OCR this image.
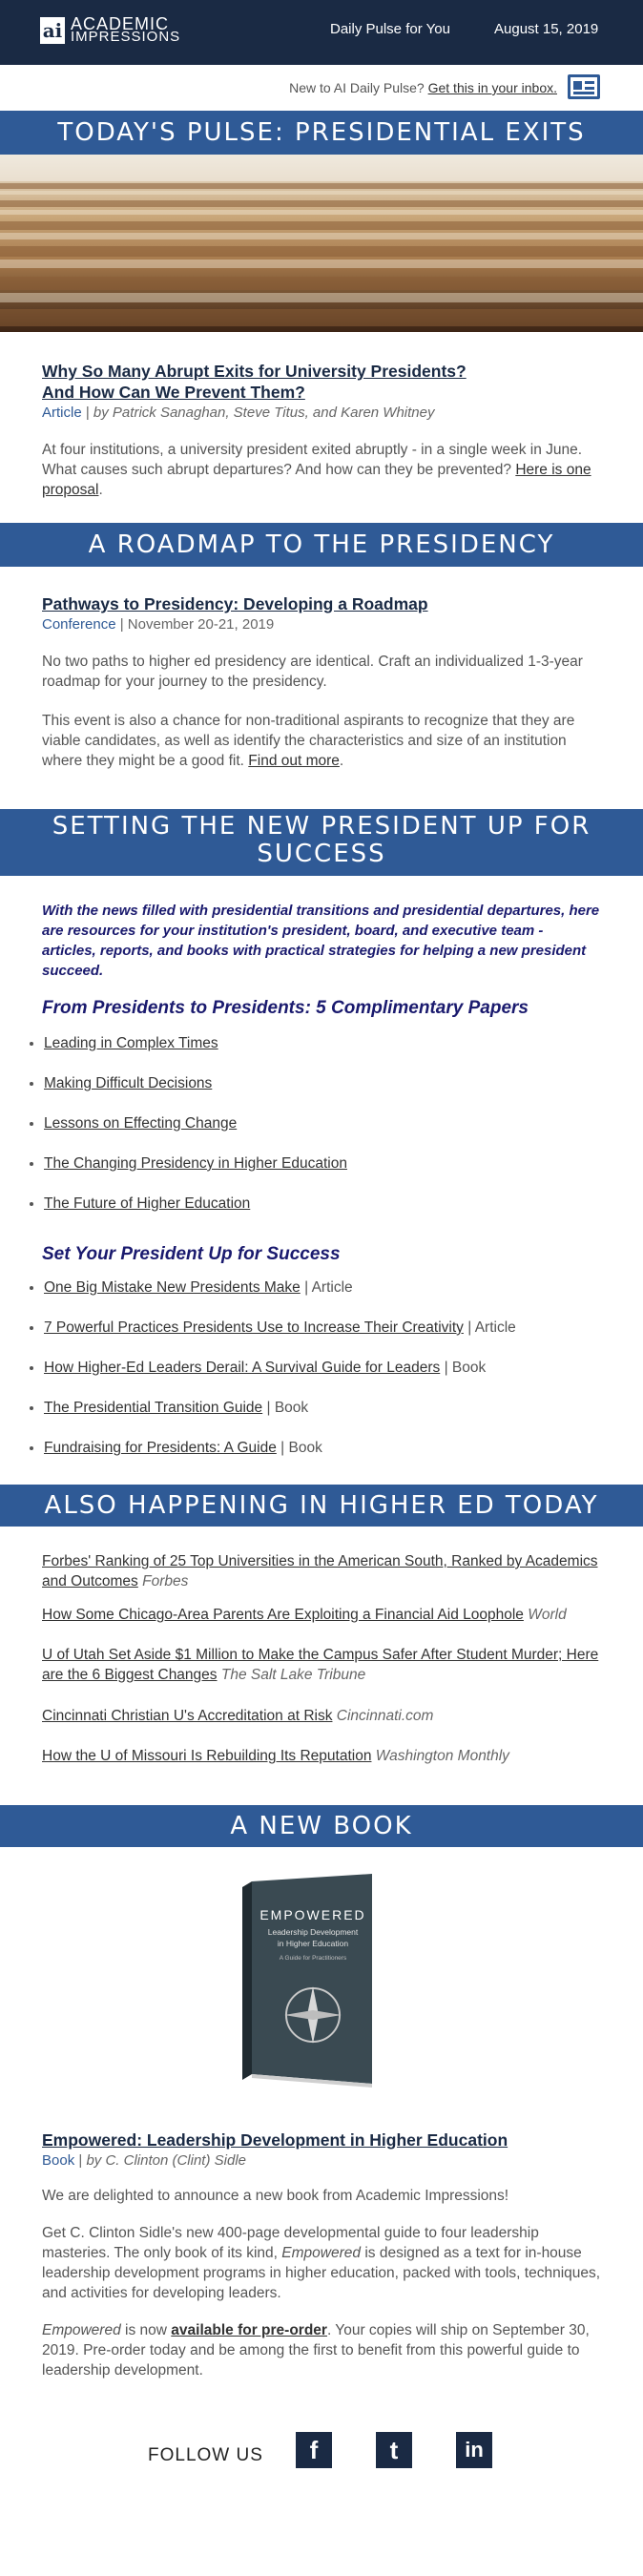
ai ACADEMIC
IMPRESSIONS	Daily Pulse for You	August 15, 2019
New to AI Daily Pulse? Get this in your inbox.
TODAY'S PULSE: PRESIDENTIAL EXITS
Why So Many Abrupt Exits for University Presidents?
And How Can We Prevent Them?
Article | by Patrick Sanaghan, Steve Titus, and Karen Whitney

At four institutions, a university president exited abruptly - in a single week in June. What causes such abrupt departures? And how can they be prevented? Here is one proposal.

A ROADMAP TO THE PRESIDENCY
Pathways to Presidency: Developing a Roadmap
Conference | November 20-21, 2019

No two paths to higher ed presidency are identical. Craft an individualized 1-3-year roadmap for your journey to the presidency.

This event is also a chance for non-traditional aspirants to recognize that they are viable candidates, as well as identify the characteristics and size of an institution where they might be a good fit. Find out more.

SETTING THE NEW PRESIDENT UP FOR
SUCCESS
With the news filled with presidential transitions and presidential departures, here are resources for your institution's president, board, and executive team - articles, reports, and books with practical strategies for helping a new president succeed.
From Presidents to Presidents: 5 Complimentary Papers
• Leading in Complex Times
• Making Difficult Decisions
• Lessons on Effecting Change
• The Changing Presidency in Higher Education
• The Future of Higher Education
Set Your President Up for Success
• One Big Mistake New Presidents Make | Article
• 7 Powerful Practices Presidents Use to Increase Their Creativity | Article
• How Higher-Ed Leaders Derail: A Survival Guide for Leaders | Book
• The Presidential Transition Guide | Book
• Fundraising for Presidents: A Guide | Book
ALSO HAPPENING IN HIGHER ED TODAY
Forbes' Ranking of 25 Top Universities in the American South, Ranked by Academics and Outcomes Forbes
How Some Chicago-Area Parents Are Exploiting a Financial Aid Loophole World
U of Utah Set Aside $1 Million to Make the Campus Safer After Student Murder; Here are the 6 Biggest Changes The Salt Lake Tribune
Cincinnati Christian U's Accreditation at Risk Cincinnati.com
How the U of Missouri Is Rebuilding Its Reputation Washington Monthly
A NEW BOOK
EMPOWERED
Leadership Development
in Higher Education
A Guide for Practitioners
Empowered: Leadership Development in Higher Education
Book | by C. Clinton (Clint) Sidle

We are delighted to announce a new book from Academic Impressions!

Get C. Clinton Sidle's new 400-page developmental guide to four leadership masteries. The only book of its kind, Empowered is designed as a text for in-house leadership development programs in higher education, packed with tools, techniques, and activities for developing leaders.

Empowered is now available for pre-order. Your copies will ship on September 30, 2019. Pre-order today and be among the first to benefit from this powerful guide to leadership development.

FOLLOW US	f	t	in
